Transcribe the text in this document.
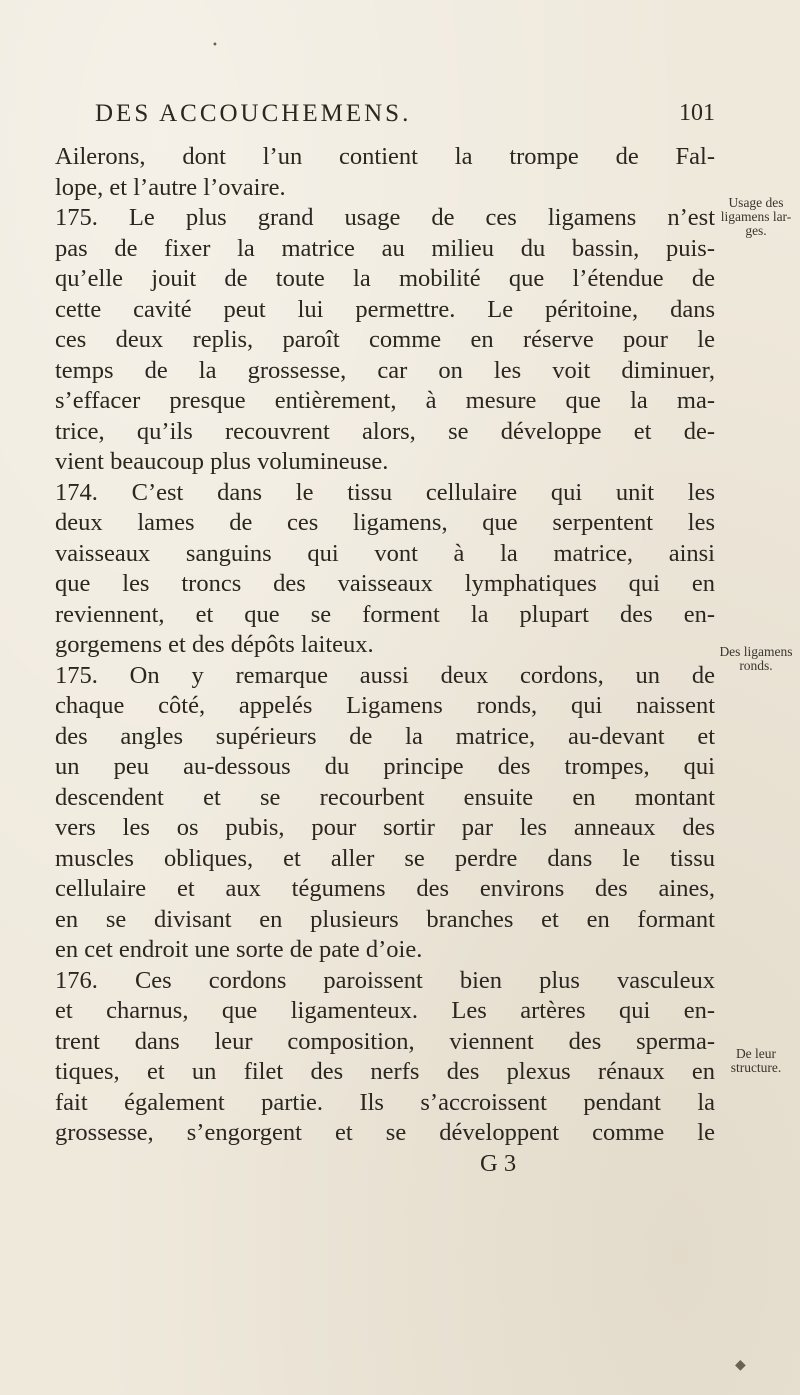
DES ACCOUCHEMENS.	101
Ailerons, dont l’un contient la trompe de Fal-
lope, et l’autre l’ovaire.
175. Le plus grand usage de ces ligamens n’est
pas de fixer la matrice au milieu du bassin, puis-
qu’elle jouit de toute la mobilité que l’étendue de
cette cavité peut lui permettre. Le péritoine, dans
ces deux replis, paroît comme en réserve pour le
temps de la grossesse, car on les voit diminuer,
s’effacer presque entièrement, à mesure que la ma-
trice, qu’ils recouvrent alors, se développe et de-
vient beaucoup plus volumineuse.
174. C’est dans le tissu cellulaire qui unit les
deux lames de ces ligamens, que serpentent les
vaisseaux sanguins qui vont à la matrice, ainsi
que les troncs des vaisseaux lymphatiques qui en
reviennent, et que se forment la plupart des en-
gorgemens et des dépôts laiteux.
175. On y remarque aussi deux cordons, un de
chaque côté, appelés Ligamens ronds, qui naissent
des angles supérieurs de la matrice, au-devant et
un peu au-dessous du principe des trompes, qui
descendent et se recourbent ensuite en montant
vers les os pubis, pour sortir par les anneaux des
muscles obliques, et aller se perdre dans le tissu
cellulaire et aux tégumens des environs des aines,
en se divisant en plusieurs branches et en formant
en cet endroit une sorte de pate d’oie.
176. Ces cordons paroissent bien plus vasculeux
et charnus, que ligamenteux. Les artères qui en-
trent dans leur composition, viennent des sperma-
tiques, et un filet des nerfs des plexus rénaux en
fait également partie. Ils s’accroissent pendant la
grossesse, s’engorgent et se développent comme le
G 3
Usage des
ligamens lar-
ges.
Des ligamens
ronds.
De leur
structure.
◆
•
